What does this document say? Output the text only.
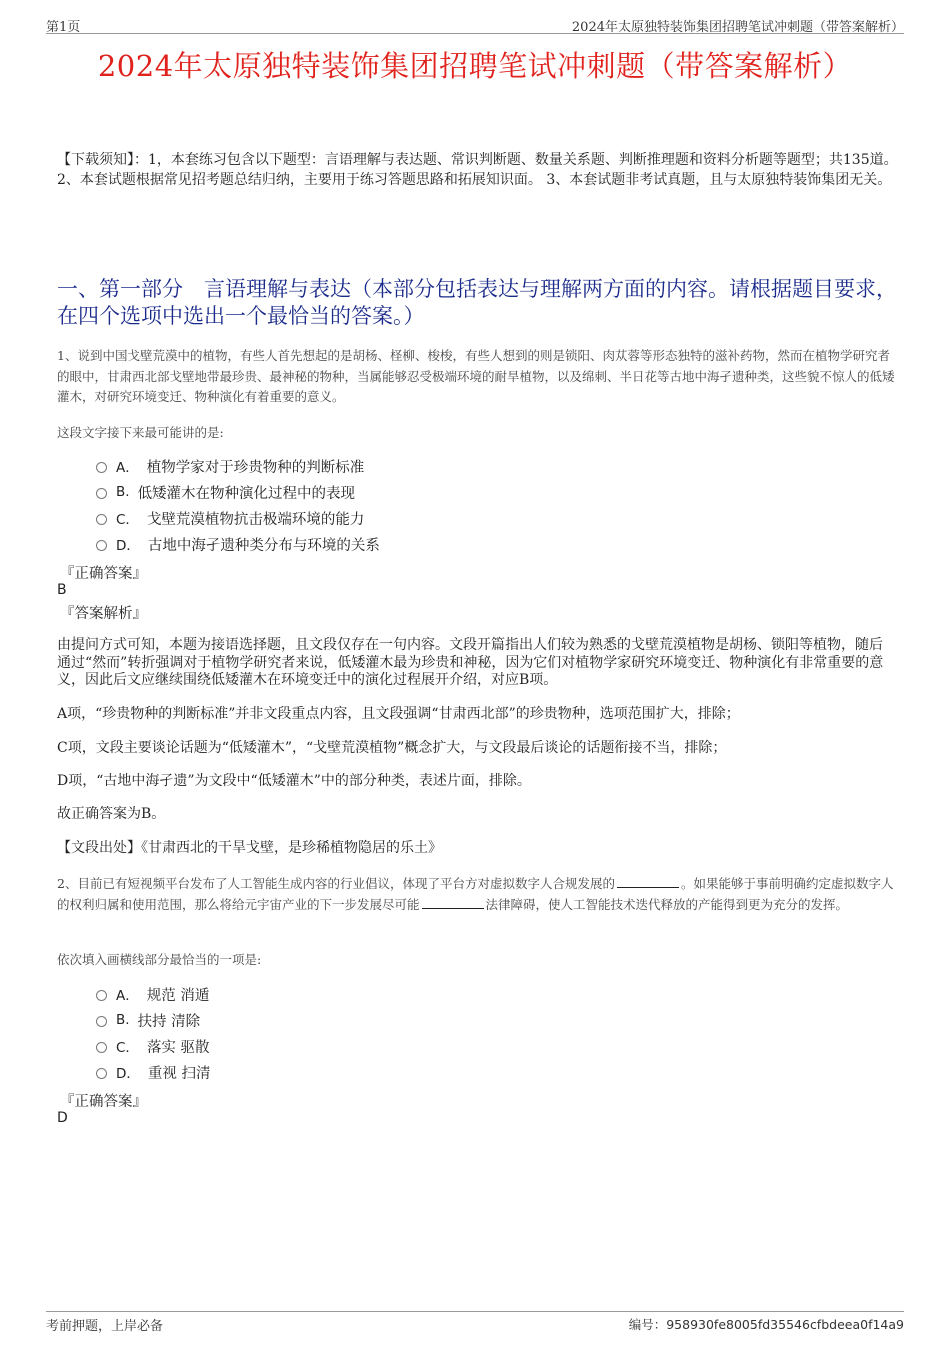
第1页	2024年太原独特装饰集团招聘笔试冲刺题（带答案解析）
2024年太原独特装饰集团招聘笔试冲刺题（带答案解析）
【下载须知】：1，本套练习包含以下题型：言语理解与表达题、常识判断题、数量关系题、判断推理题和资料分析题等题型；共135道。 2、本套试题根据常见招考题总结归纳，主要用于练习答题思路和拓展知识面。 3、本套试题非考试真题，且与太原独特装饰集团无关。
一、第一部分　言语理解与表达（本部分包括表达与理解两方面的内容。请根据题目要求，在四个选项中选出一个最恰当的答案。）
1、说到中国戈壁荒漠中的植物，有些人首先想起的是胡杨、柽柳、梭梭，有些人想到的则是锁阳、肉苁蓉等形态独特的滋补药物，然而在植物学研究者的眼中，甘肃西北部戈壁地带最珍贵、最神秘的物种，当属能够忍受极端环境的耐旱植物，以及绵刺、半日花等古地中海孑遗种类，这些貌不惊人的低矮灌木，对研究环境变迁、物种演化有着重要的意义。
这段文字接下来最可能讲的是:
A． 植物学家对于珍贵物种的判断标准
B. 低矮灌木在物种演化过程中的表现
C． 戈壁荒漠植物抗击极端环境的能力
D． 古地中海孑遗种类分布与环境的关系
『正确答案』
B
『答案解析』
由提问方式可知，本题为接语选择题，且文段仅存在一句内容。文段开篇指出人们较为熟悉的戈壁荒漠植物是胡杨、锁阳等植物，随后通过“然而”转折强调对于植物学研究者来说，低矮灌木最为珍贵和神秘，因为它们对植物学家研究环境变迁、物种演化有非常重要的意义，因此后文应继续围绕低矮灌木在环境变迁中的演化过程展开介绍，对应B项。
A项，“珍贵物种的判断标准”并非文段重点内容，且文段强调“甘肃西北部”的珍贵物种，选项范围扩大，排除；
C项，文段主要谈论话题为“低矮灌木”，“戈壁荒漠植物”概念扩大，与文段最后谈论的话题衔接不当，排除；
D项，“古地中海孑遗”为文段中“低矮灌木”中的部分种类，表述片面，排除。
故正确答案为B。
【文段出处】《甘肃西北的干旱戈壁，是珍稀植物隐居的乐土》
2、目前已有短视频平台发布了人工智能生成内容的行业倡议，体现了平台方对虚拟数字人合规发展的	。如果能够于事前明确约定虚拟数字人的权利归属和使用范围，那么将给元宇宙产业的下一步发展尽可能	法律障碍，使人工智能技术迭代释放的产能得到更为充分的发挥。
依次填入画横线部分最恰当的一项是:
A． 规范 消遁
B. 扶持 清除
C． 落实 驱散
D． 重视 扫清
『正确答案』
D
考前押题，上岸必备	编号：958930fe8005fd35546cfbdeea0f14a9
